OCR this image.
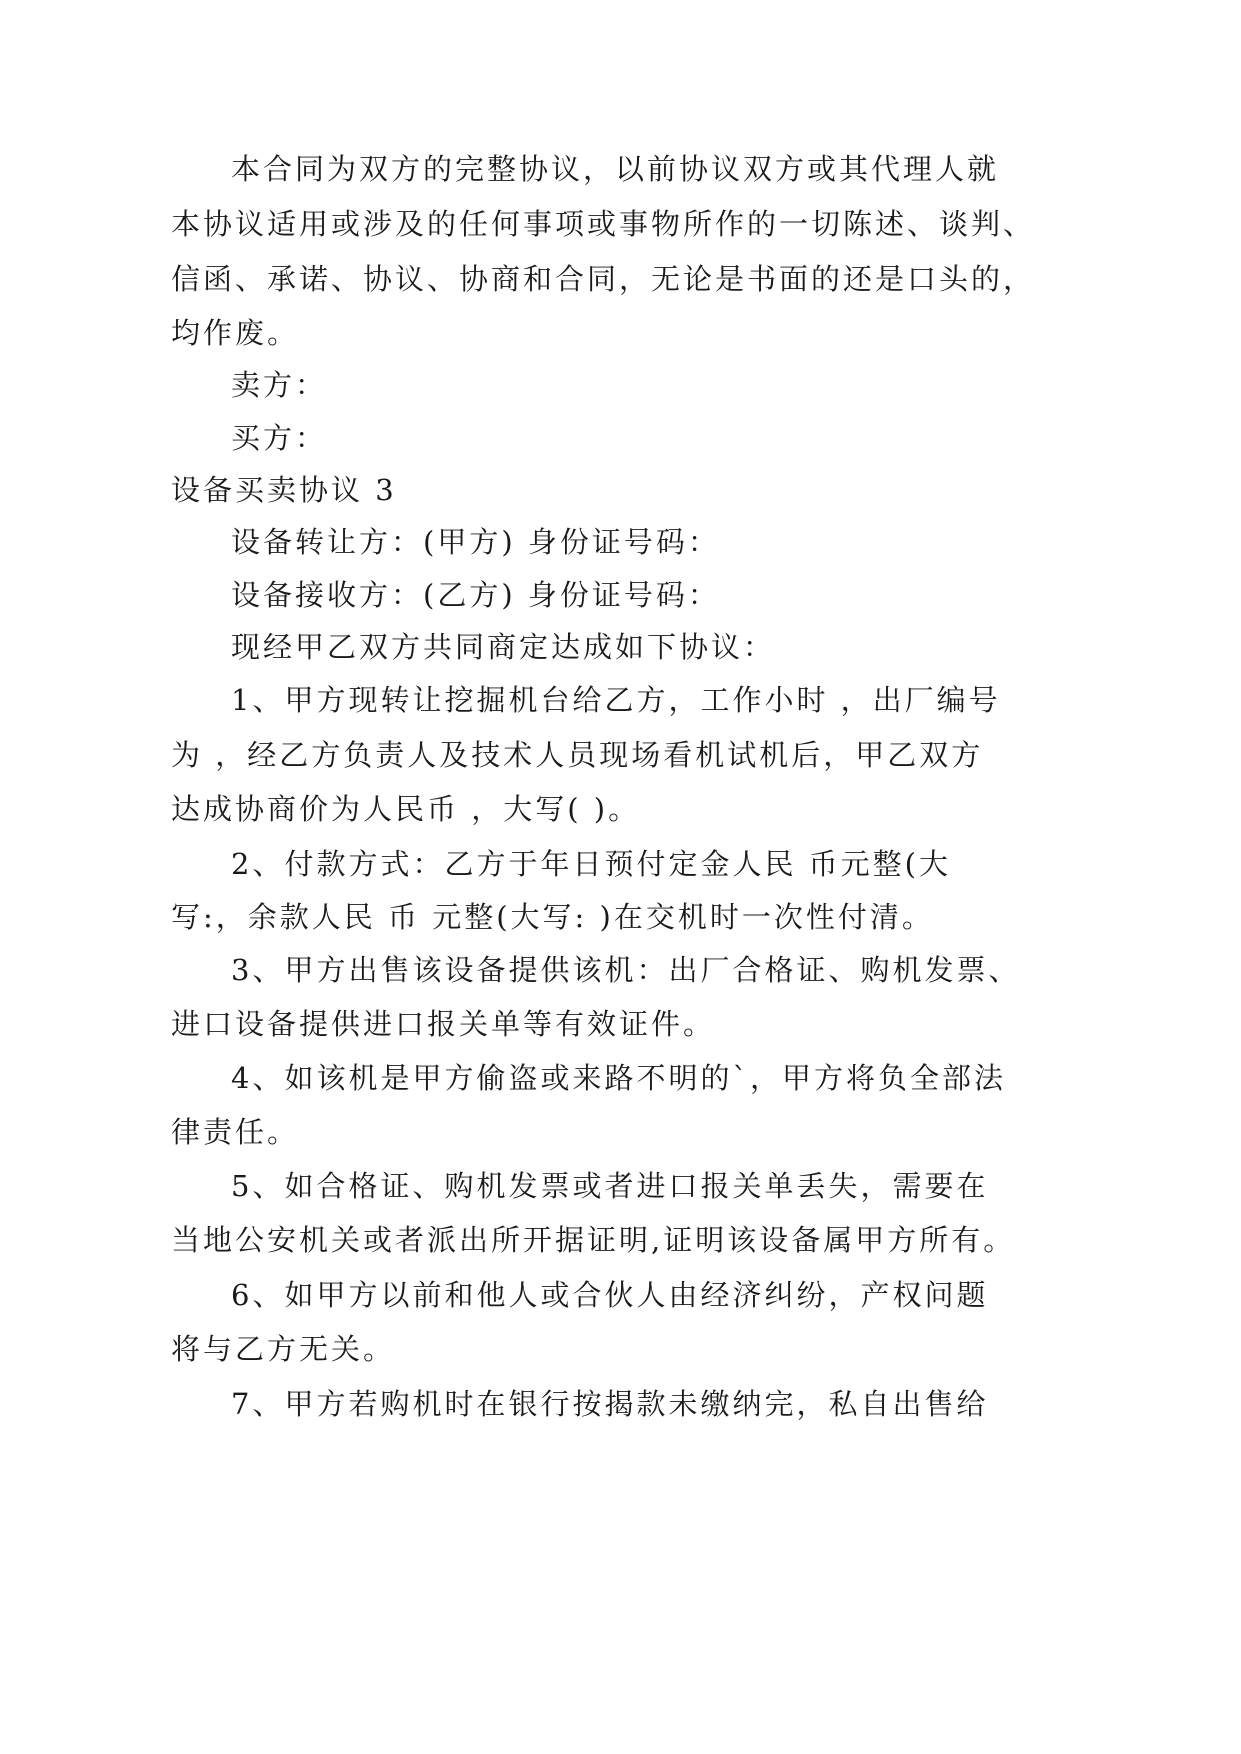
本合同为双方的完整协议，以前协议双方或其代理人就
本协议适用或涉及的任何事项或事物所作的一切陈述、谈判、
信函、承诺、协议、协商和合同，无论是书面的还是口头的，
均作废。
卖方：
买方：
设备买卖协议 3
设备转让方：(甲方) 身份证号码：
设备接收方：(乙方) 身份证号码：
现经甲乙双方共同商定达成如下协议：
1、甲方现转让挖掘机台给乙方，工作小时 ，出厂编号
为 ，经乙方负责人及技术人员现场看机试机后，甲乙双方
达成协商价为人民币 ，大写( )。
2、付款方式：乙方于年日预付定金人民 币元整(大
写:，余款人民 币 元整(大写: )在交机时一次性付清。
3、甲方出售该设备提供该机：出厂合格证、购机发票、
进口设备提供进口报关单等有效证件。
4、如该机是甲方偷盗或来路不明的`，甲方将负全部法
律责任。
5、如合格证、购机发票或者进口报关单丢失，需要在
当地公安机关或者派出所开据证明,证明该设备属甲方所有。
6、如甲方以前和他人或合伙人由经济纠纷，产权问题
将与乙方无关。
7、甲方若购机时在银行按揭款未缴纳完，私自出售给
